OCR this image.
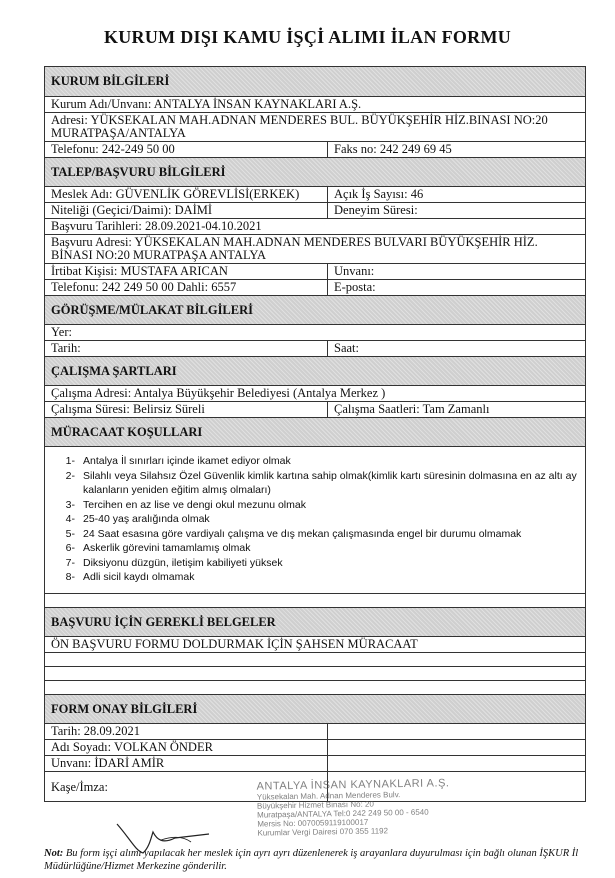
KURUM DIŞI KAMU İŞÇİ ALIMI İLAN FORMU
KURUM BİLGİLERİ
Kurum Adı/Unvanı: ANTALYA İNSAN KAYNAKLARI A.Ş.
Adresi: YÜKSEKALAN MAH.ADNAN MENDERES BUL. BÜYÜKŞEHİR HİZ.BINASI NO:20 MURATPAŞA/ANTALYA
Telefonu: 242-249 50 00	Faks no: 242 249 69 45
TALEP/BAŞVURU BİLGİLERİ
Meslek Adı: GÜVENLİK GÖREVLİSİ(ERKEK)	Açık İş Sayısı: 46
Niteliği (Geçici/Daimi): DAİMİ	Deneyim Süresi:
Başvuru Tarihleri: 28.09.2021-04.10.2021
Başvuru Adresi: YÜKSEKALAN MAH.ADNAN MENDERES BULVARI BÜYÜKŞEHİR HİZ. BİNASI NO:20 MURATPAŞA ANTALYA
İrtibat Kişisi: MUSTAFA ARICAN	Unvanı:
Telefonu: 242 249 50 00 Dahli: 6557	E-posta:
GÖRÜŞME/MÜLAKAT BİLGİLERİ
Yer:
Tarih:	Saat:
ÇALIŞMA ŞARTLARI
Çalışma Adresi: Antalya Büyükşehir Belediyesi (Antalya Merkez )
Çalışma Süresi: Belirsiz Süreli	Çalışma Saatleri: Tam Zamanlı
MÜRACAAT KOŞULLARI
1- Antalya İl sınırları içinde ikamet ediyor olmak
2- Silahlı veya Silahsız Özel Güvenlik kimlik kartına sahip olmak(kimlik kartı süresinin dolmasına en az altı ay kalanların yeniden eğitim almış olmaları)
3- Tercihen en az lise ve dengi okul mezunu olmak
4- 25-40 yaş aralığında olmak
5- 24 Saat esasına göre vardiyalı çalışma ve dış mekan çalışmasında engel bir durumu olmamak
6- Askerlik görevini tamamlamış olmak
7- Diksiyonu düzgün, iletişim kabiliyeti yüksek
8- Adli sicil kaydı olmamak
BAŞVURU İÇİN GEREKLİ BELGELER
ÖN BAŞVURU FORMU DOLDURMAK İÇİN ŞAHSEN MÜRACAAT
FORM ONAY BİLGİLERİ
Tarih: 28.09.2021
Adı Soyadı: VOLKAN ÖNDER
Unvanı: İDARİ AMİR
Kaşe/İmza:	ANTALYA İNSAN KAYNAKLARI A.Ş.
Yüksekalan Mah. Adnan Menderes Bulv.
Büyükşehir Hizmet Binası No: 20
Muratpaşa/ANTALYA Tel:0 242 249 50 00 - 6540
Mersis No: 0070059119100017
Kurumlar Vergi Dairesi 070 355 1192
Not: Bu form işçi alımı yapılacak her meslek için ayrı ayrı düzenlenerek iş arayanlara duyurulması için bağlı olunan İŞKUR İl Müdürlüğüne/Hizmet Merkezine gönderilir.
